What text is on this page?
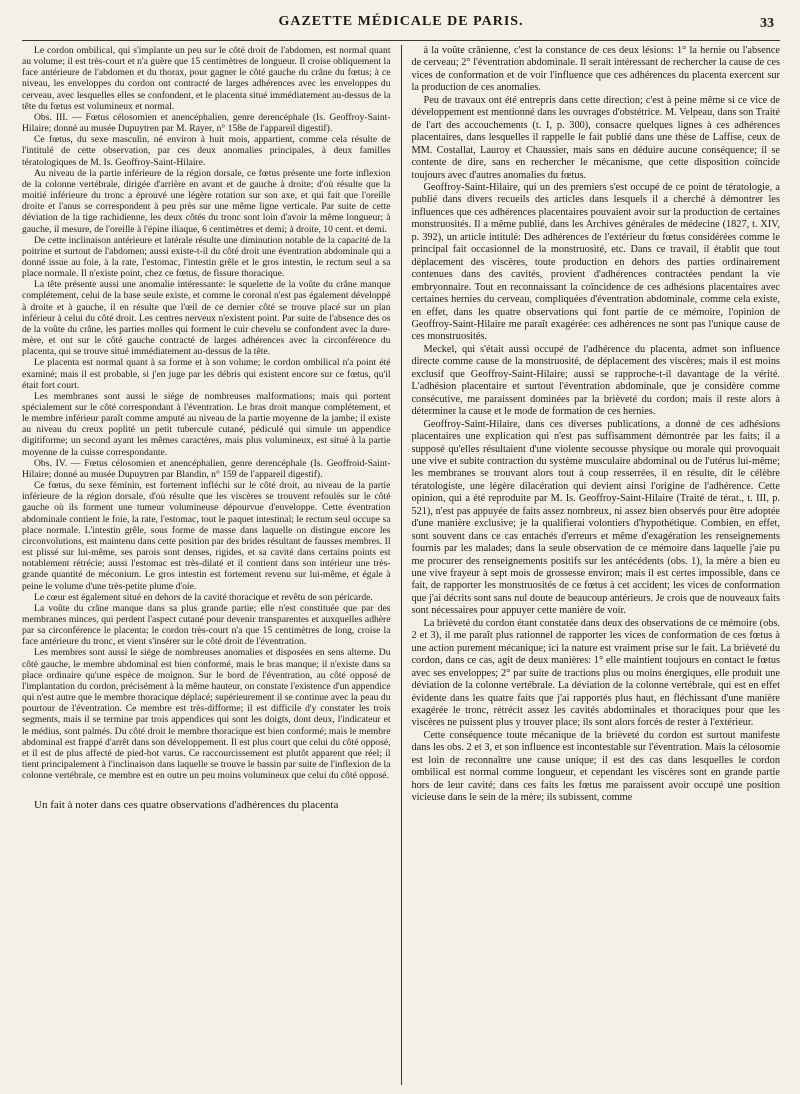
GAZETTE MÉDICALE DE PARIS.	33

Le cordon ombilical, qui s'implante un peu sur le côté droit de l'abdomen, est normal quant au volume; il est très-court et n'a guère que 15 centimètres de longueur. Il croise obliquement la face antérieure de l'abdomen et du thorax, pour gagner le côté gauche du crâne du fœtus; à ce niveau, les enveloppes du cordon ont contracté de larges adhérences avec les enveloppes du cerveau, avec lesquelles elles se confondent, et le placenta situé immédiatement au-dessus de la tête du fœtus est volumineux et normal.

Obs. III. — Fœtus célosomien et anencéphalien, genre derencéphale (Is. Geoffroy-Saint-Hilaire; donné au musée Dupuytren par M. Rayer, n° 158e de l'appareil digestif).

Ce fœtus, du sexe masculin, né environ à huit mois, appartient, comme cela résulte de l'intitulé de cette observation, par ces deux anomalies principales, à deux familles tératologiques de M. Is. Geoffroy-Saint-Hilaire.

Au niveau de la partie inférieure de la région dorsale, ce fœtus présente une forte inflexion de la colonne vertébrale, dirigée d'arrière en avant et de gauche à droite; d'où résulte que la moitié inférieure du tronc a éprouvé une légère rotation sur son axe, et qui fait que l'oreille droite et l'anus se correspondent à peu près sur une même ligne verticale. Par suite de cette déviation de la tige rachidienne, les deux côtés du tronc sont loin d'avoir la même longueur; à gauche, il mesure, de l'oreille à l'épine iliaque, 6 centimètres et demi; à droite, 10 cent. et demi.

De cette inclinaison antérieure et latérale résulte une diminution notable de la capacité de la poitrine et surtout de l'abdomen; aussi existe-t-il du côté droit une éventration abdominale qui a donné issue au foie, à la rate, l'estomac, l'intestin grêle et le gros intestin, le rectum seul a sa place normale. Il n'existe point, chez ce fœtus, de fissure thoracique.

La tête présente aussi une anomalie intéressante: le squelette de la voûte du crâne manque complétement, celui de la base seule existe, et comme le coronal n'est pas également développé à droite et à gauche, il en résulte que l'œil de ce dernier côté se trouve placé sur un plan inférieur à celui du côté droit. Les centres nerveux n'existent point. Par suite de l'absence des os de la voûte du crâne, les parties molles qui forment le cuir chevelu se confondent avec la dure-mère, et ont sur le côté gauche contracté de larges adhérences avec la circonférence du placenta, qui se trouve situé immédiatement au-dessus de la tête.

Le placenta est normal quant à sa forme et à son volume; le cordon ombilical n'a point été examiné; mais il est probable, si j'en juge par les débris qui existent encore sur ce fœtus, qu'il était fort court.

Les membranes sont aussi le siége de nombreuses malformations; mais qui portent spécialement sur le côté correspondant à l'éventration. Le bras droit manque complétement, et le membre inférieur paraît comme amputé au niveau de la partie moyenne de la jambe; il existe au niveau du creux poplité un petit tubercule cutané, pédiculé qui simule un appendice digitiforme; un second ayant les mêmes caractères, mais plus volumineux, est situé à la partie moyenne de la cuisse correspondante.

Obs. IV. — Fœtus célosomien et anencéphalien, genre derencéphale (Is. Geoffroid-Saint-Hilaire; donné au musée Dupuytren par Blandin, n° 159 de l'appareil digestif).

Ce fœtus, du sexe féminin, est fortement infléchi sur le côté droit, au niveau de la partie inférieure de la région dorsale, d'où résulte que les viscères se trouvent refoulés sur le côté gauche où ils forment une tumeur volumineuse dépourvue d'enveloppe. Cette éventration abdominale contient le foie, la rate, l'estomac, tout le paquet intestinal; le rectum seul occupe sa place normale. L'intestin grêle, sous forme de masse dans laquelle on distingue encore les circonvolutions, est maintenu dans cette position par des brides résultant de fausses membres. Il est plissé sur lui-même, ses parois sont denses, rigides, et sa cavité dans certains points est notablement rétrécie; aussi l'estomac est très-dilaté et il contient dans son intérieur une très-grande quantité de méconium. Le gros intestin est fortement revenu sur lui-même, et égale à peine le volume d'une très-petite plume d'oie.

Le cœur est également situé en dehors de la cavité thoracique et revêtu de son péricarde.

La voûte du crâne manque dans sa plus grande partie; elle n'est constituée que par des membranes minces, qui perdent l'aspect cutané pour devenir transparentes et auxquelles adhère par sa circonférence le placenta; le cordon très-court n'a que 15 centimètres de long, croise la face antérieure du tronc, et vient s'insérer sur le côté droit de l'éventration.

Les membres sont aussi le siége de nombreuses anomalies et disposées en sens alterne. Du côté gauche, le membre abdominal est bien conformé, mais le bras manque; il n'existe dans sa place ordinaire qu'une espèce de moignon. Sur le bord de l'éventration, au côté opposé de l'implantation du cordon, précisément à la même hauteur, on constate l'existence d'un appendice qui n'est autre que le membre thoracique déplacé; supérieurement il se continue avec la peau du pourtour de l'éventration. Ce membre est très-difforme; il est difficile d'y constater les trois segments, mais il se termine par trois appendices qui sont les doigts, dont deux, l'indicateur et le médius, sont palmés. Du côté droit le membre thoracique est bien conformé; mais le membre abdominal est frappé d'arrêt dans son développement. Il est plus court que celui du côté opposé, et il est de plus affecté de pied-bot varus. Ce raccourcissement est plutôt apparent que réel; il tient principalement à l'inclinaison dans laquelle se trouve le bassin par suite de l'inflexion de la colonne vertébrale, ce membre est en outre un peu moins volumineux que celui du côté opposé.

Un fait à noter dans ces quatre observations d'adhérences du placenta

à la voûte crânienne, c'est la constance de ces deux lésions: 1° la hernie ou l'absence de cerveau; 2° l'éventration abdominale. Il serait intéressant de rechercher la cause de ces vices de conformation et de voir l'influence que ces adhérences du placenta exercent sur la production de ces anomalies.

Peu de travaux ont été entrepris dans cette direction; c'est à peine même si ce vice de développement est mentionné dans les ouvrages d'obstétrice. M. Velpeau, dans son Traité de l'art des accouchements (t. I, p. 300), consacre quelques lignes à ces adhérences placentaires, dans lesquelles il rappelle le fait publié dans une thèse de Laffise, ceux de MM. Costallat, Lauroy et Chaussier, mais sans en déduire aucune conséquence; il se contente de dire, sans en rechercher le mécanisme, que cette disposition coïncide toujours avec d'autres anomalies du fœtus.

Geoffroy-Saint-Hilaire, qui un des premiers s'est occupé de ce point de tératologie, a publié dans divers recueils des articles dans lesquels il a cherché à démontrer les influences que ces adhérences placentaires pouvaient avoir sur la production de certaines monstruosités. Il a même publié, dans les Archives générales de médecine (1827, t. XIV, p. 392), un article intitulé: Des adhérences de l'extérieur du fœtus considérées comme le principal fait occasionnel de la monstruosité, etc. Dans ce travail, il établit que tout déplacement des viscères, toute production en dehors des parties ordinairement contenues dans des cavités, provient d'adhérences contractées pendant la vie embryonnaire. Tout en reconnaissant la coïncidence de ces adhésions placentaires avec certaines hernies du cerveau, compliquées d'éventration abdominale, comme cela existe, en effet, dans les quatre observations qui font partie de ce mémoire, l'opinion de Geoffroy-Saint-Hilaire me paraît exagérée: ces adhérences ne sont pas l'unique cause de ces monstruosités.

Meckel, qui s'était aussi occupé de l'adhérence du placenta, admet son influence directe comme cause de la monstruosité, de déplacement des viscères; mais il est moins exclusif que Geoffroy-Saint-Hilaire; aussi se rapproche-t-il davantage de la vérité. L'adhésion placentaire et surtout l'éventration abdominale, que je considère comme consécutive, me paraissent dominées par la brièveté du cordon; mais il reste alors à déterminer la cause et le mode de formation de ces hernies.

Geoffroy-Saint-Hilaire, dans ces diverses publications, a donné de ces adhésions placentaires une explication qui n'est pas suffisamment démontrée par les faits; il a supposé qu'elles résultaient d'une violente secousse physique ou morale qui provoquait une vive et subite contraction du système musculaire abdominal ou de l'utérus lui-même; les membranes se trouvant alors tout à coup resserrées, il en résulte, dit le célèbre tératologiste, une légère dilacération qui devient ainsi l'origine de l'adhérence. Cette opinion, qui a été reproduite par M. Is. Geoffroy-Saint-Hilaire (Traité de térat., t. III, p. 521), n'est pas appuyée de faits assez nombreux, ni assez bien observés pour être adoptée d'une manière exclusive; je la qualifierai volontiers d'hypothétique. Combien, en effet, sont souvent dans ce cas entachés d'erreurs et même d'exagération les renseignements fournis par les malades; dans la seule observation de ce mémoire dans laquelle j'aie pu me procurer des renseignements positifs sur les antécédents (obs. 1), la mère a bien eu une vive frayeur à sept mois de grossesse environ; mais il est certes impossible, dans ce fait, de rapporter les monstruosités de ce fœtus à cet accident; les vices de conformation que j'ai décrits sont sans nul doute de beaucoup antérieurs. Je crois que de nouveaux faits sont nécessaires pour appuyer cette manière de voir.

La brièveté du cordon étant constatée dans deux des observations de ce mémoire (obs. 2 et 3), il me paraît plus rationnel de rapporter les vices de conformation de ces fœtus à une action purement mécanique; ici la nature est vraiment prise sur le fait. La brièveté du cordon, dans ce cas, agit de deux manières: 1° elle maintient toujours en contact le fœtus avec ses enveloppes; 2° par suite de tractions plus ou moins énergiques, elle produit une déviation de la colonne vertébrale. La déviation de la colonne vertébrale, qui est en effet évidente dans les quatre faits que j'ai rapportés plus haut, en fléchissant d'une manière exagérée le tronc, rétrécit assez les cavités abdominales et thoraciques pour que les viscères ne puissent plus y trouver place; ils sont alors forcés de rester à l'extérieur.

Cette conséquence toute mécanique de la brièveté du cordon est surtout manifeste dans les obs. 2 et 3, et son influence est incontestable sur l'éventration. Mais la célosomie est loin de reconnaître une cause unique; il est des cas dans lesquelles le cordon ombilical est normal comme longueur, et cependant les viscères sont en grande partie hors de leur cavité; dans ces faits les fœtus me paraissent avoir occupé une position vicieuse dans le sein de la mère; ils subissent, comme
